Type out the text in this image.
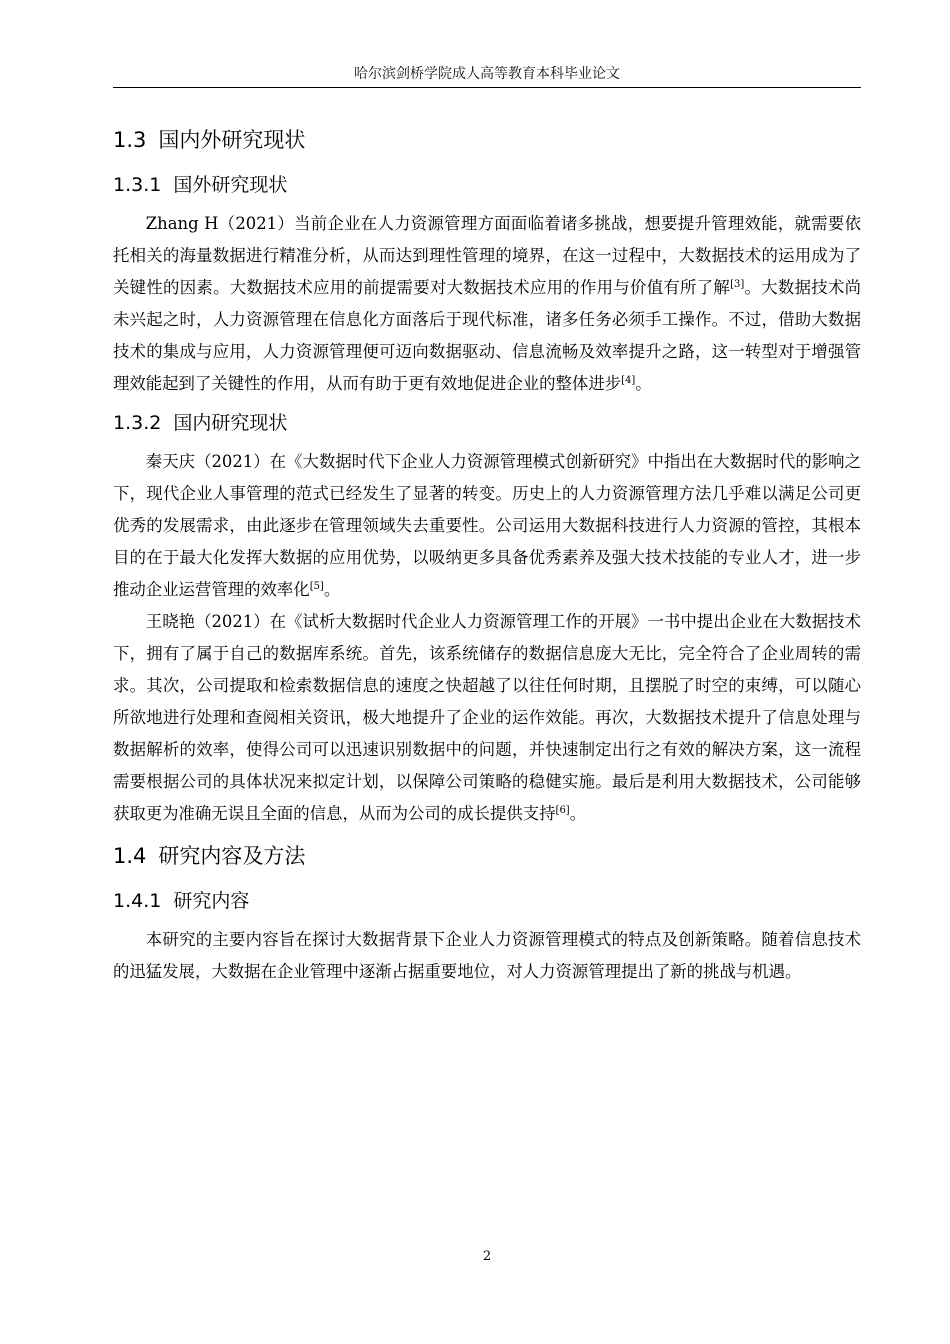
哈尔滨剑桥学院成人高等教育本科毕业论文
1.3 国内外研究现状
1.3.1 国外研究现状

Zhang H（2021）当前企业在人力资源管理方面面临着诸多挑战，想要提升管理效能，就需要依托相关的海量数据进行精准分析，从而达到理性管理的境界，在这一过程中，大数据技术的运用成为了关键性的因素。大数据技术应用的前提需要对大数据技术应用的作用与价值有所了解[3]。大数据技术尚未兴起之时，人力资源管理在信息化方面落后于现代标准，诸多任务必须手工操作。不过，借助大数据技术的集成与应用，人力资源管理便可迈向数据驱动、信息流畅及效率提升之路，这一转型对于增强管理效能起到了关键性的作用，从而有助于更有效地促进企业的整体进步[4]。

1.3.2 国内研究现状

秦天庆（2021）在《大数据时代下企业人力资源管理模式创新研究》中指出在大数据时代的影响之下，现代企业人事管理的范式已经发生了显著的转变。历史上的人力资源管理方法几乎难以满足公司更优秀的发展需求，由此逐步在管理领域失去重要性。公司运用大数据科技进行人力资源的管控，其根本目的在于最大化发挥大数据的应用优势，以吸纳更多具备优秀素养及强大技术技能的专业人才，进一步推动企业运营管理的效率化[5]。

王晓艳（2021）在《试析大数据时代企业人力资源管理工作的开展》一书中提出企业在大数据技术下，拥有了属于自己的数据库系统。首先，该系统储存的数据信息庞大无比，完全符合了企业周转的需求。其次，公司提取和检索数据信息的速度之快超越了以往任何时期，且摆脱了时空的束缚，可以随心所欲地进行处理和查阅相关资讯，极大地提升了企业的运作效能。再次，大数据技术提升了信息处理与数据解析的效率，使得公司可以迅速识别数据中的问题，并快速制定出行之有效的解决方案，这一流程需要根据公司的具体状况来拟定计划，以保障公司策略的稳健实施。最后是利用大数据技术，公司能够获取更为准确无误且全面的信息，从而为公司的成长提供支持[6]。

1.4 研究内容及方法
1.4.1 研究内容

本研究的主要内容旨在探讨大数据背景下企业人力资源管理模式的特点及创新策略。随着信息技术的迅猛发展，大数据在企业管理中逐渐占据重要地位，对人力资源管理提出了新的挑战与机遇。

2
